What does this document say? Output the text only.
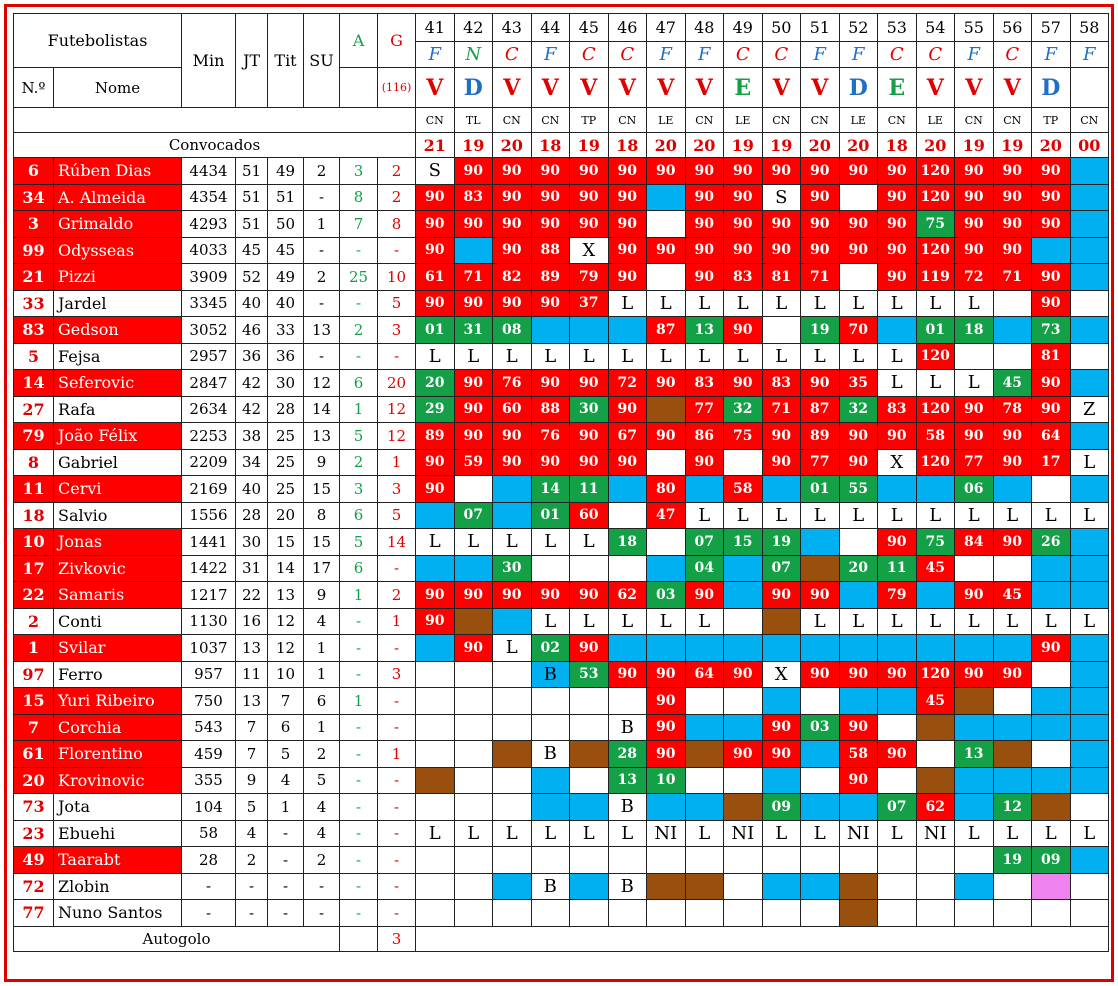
Futebolistas		Min	JT	Tit	SU	A	G	41	42	43	44	45	46	47	48	49	50	51	52	53	54	55	56	57	58
								F	N	C	F	C	C	F	F	C	C	F	F	C	C	F	C	F	F
N.º	Nome						(116)	V	D	V	V	V	V	V	V	E	V	V	D	E	V	V	V	D	
								CN	TL	CN	CN	TP	CN	LE	CN	LE	CN	CN	LE	CN	LE	CN	CN	TP	CN
Convocados								21	19	20	18	19	18	20	20	19	19	20	20	18	20	19	19	20	00
6	Rúben Dias	4434	51	49	2	3	2	S	90	90	90	90	90	90	90	90	90	90	90	90	120	90	90	90	
34	A. Almeida	4354	51	51	-	8	2	90	83	90	90	90	90		90	90	S	90		90	120	90	90	90	
3	Grimaldo	4293	51	50	1	7	8	90	90	90	90	90	90		90	90	90	90	90	90	75	90	90	90	
99	Odysseas	4033	45	45	-	-	-	90		90	88	X	90	90	90	90	90	90	90	90	120	90	90		
21	Pizzi	3909	52	49	2	25	10	61	71	82	89	79	90		90	83	81	71		90	119	72	71	90	
33	Jardel	3345	40	40	-	-	5	90	90	90	90	37	L	L	L	L	L	L	L	L	L	L		90	
83	Gedson	3052	46	33	13	2	3	01	31	08				87	13	90		19	70		01	18		73	
5	Fejsa	2957	36	36	-	-	-	L	L	L	L	L	L	L	L	L	L	L	L	L	120			81	
14	Seferovic	2847	42	30	12	6	20	20	90	76	90	90	72	90	83	90	83	90	35	L	L	L	45	90	
27	Rafa	2634	42	28	14	1	12	29	90	60	88	30	90		77	32	71	87	32	83	120	90	78	90	Z
79	João Félix	2253	38	25	13	5	12	89	90	90	76	90	67	90	86	75	90	89	90	90	58	90	90	64	
8	Gabriel	2209	34	25	9	2	1	90	59	90	90	90	90		90		90	77	90	X	120	77	90	17	L
11	Cervi	2169	40	25	15	3	3	90			14	11		80		58		01	55			06			
18	Salvio	1556	28	20	8	6	5		07		01	60		47	L	L	L	L	L	L	L	L	L	L	L
10	Jonas	1441	30	15	15	5	14	L	L	L	L	L	18		07	15	19			90	75	84	90	26	
17	Zivkovic	1422	31	14	17	6	-			30					04		07		20	11	45				
22	Samaris	1217	22	13	9	1	2	90	90	90	90	90	62	03	90		90	90		79		90	45		
2	Conti	1130	16	12	4	-	1	90			L	L	L	L	L			L	L	L	L	L	L	L	L
1	Svilar	1037	13	12	1	-	-		90	L	02	90												90	
97	Ferro	957	11	10	1	-	3				B	53	90	90	64	90	X	90	90	90	120	90	90		
15	Yuri Ribeiro	750	13	7	6	1	-							90							45				
7	Corchia	543	7	6	1	-	-						B	90			90	03	90						
61	Florentino	459	7	5	2	-	1				B		28	90		90	90		58	90		13			
20	Krovinovic	355	9	4	5	-	-						13	10					90						
73	Jota	104	5	1	4	-	-						B				09			07	62		12		
23	Ebuehi	58	4	-	4	-	-	L	L	L	L	L	L	NI	L	NI	L	L	NI	L	NI	L	L	L	L
49	Taarabt	28	2	-	2	-	-																19	09	
72	Zlobin	-	-	-	-	-	-				B		B												
77	Nuno Santos	-	-	-	-	-	-																		
Autogolo							3																		
